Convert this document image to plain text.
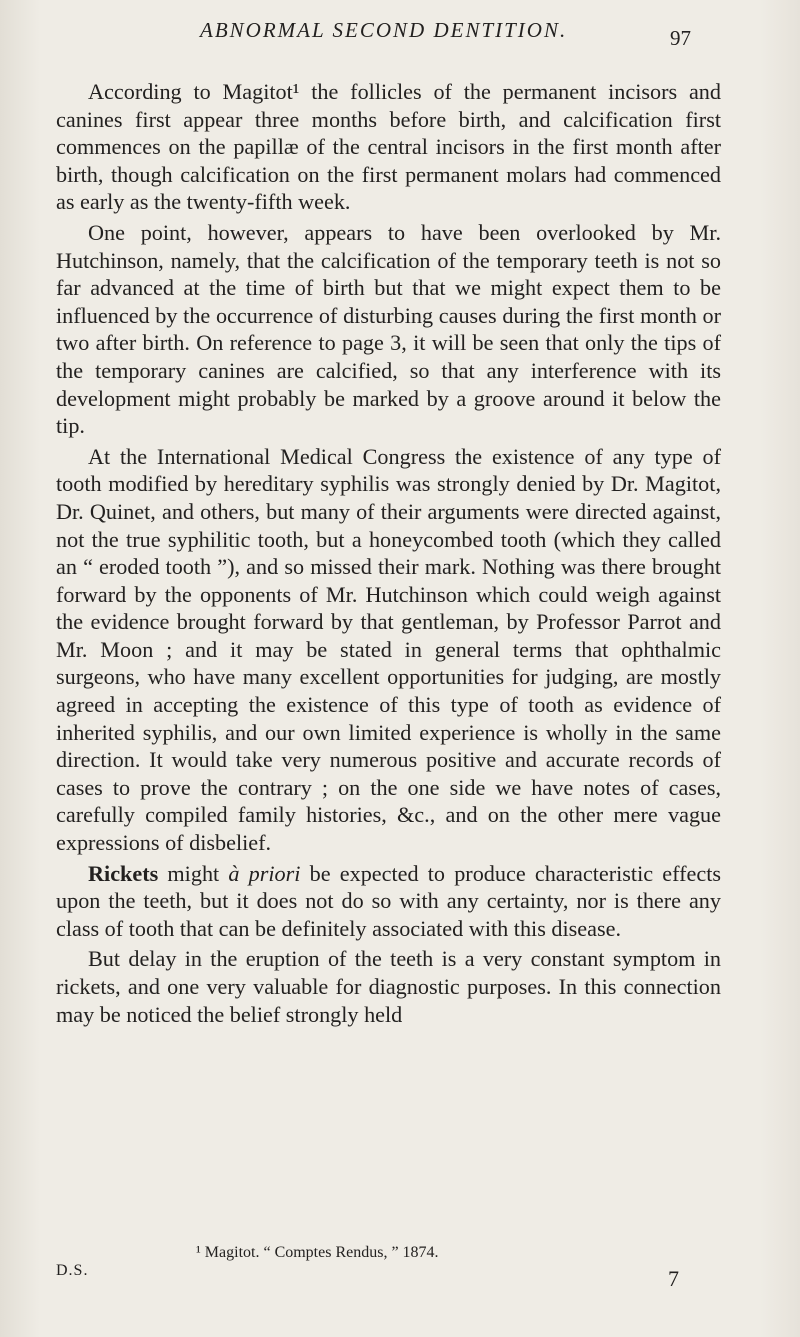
ABNORMAL SECOND DENTITION.	97

According to Magitot¹ the follicles of the permanent incisors and canines first appear three months before birth, and calcification first commences on the papillæ of the central incisors in the first month after birth, though calcification on the first permanent molars had commenced as early as the twenty-fifth week.

One point, however, appears to have been overlooked by Mr. Hutchinson, namely, that the calcification of the temporary teeth is not so far advanced at the time of birth but that we might expect them to be influenced by the occurrence of disturbing causes during the first month or two after birth. On reference to page 3, it will be seen that only the tips of the temporary canines are calcified, so that any interference with its development might probably be marked by a groove around it below the tip.

At the International Medical Congress the existence of any type of tooth modified by hereditary syphilis was strongly denied by Dr. Magitot, Dr. Quinet, and others, but many of their arguments were directed against, not the true syphilitic tooth, but a honeycombed tooth (which they called an “ eroded tooth ”), and so missed their mark. Nothing was there brought forward by the opponents of Mr. Hutchinson which could weigh against the evidence brought forward by that gentleman, by Professor Parrot and Mr. Moon ; and it may be stated in general terms that ophthalmic surgeons, who have many excellent opportunities for judging, are mostly agreed in accepting the existence of this type of tooth as evidence of inherited syphilis, and our own limited experience is wholly in the same direction. It would take very numerous positive and accurate records of cases to prove the contrary ; on the one side we have notes of cases, carefully compiled family histories, &c., and on the other mere vague expressions of disbelief.

Rickets might à priori be expected to produce characteristic effects upon the teeth, but it does not do so with any certainty, nor is there any class of tooth that can be definitely associated with this disease.

But delay in the eruption of the teeth is a very constant symptom in rickets, and one very valuable for diagnostic purposes. In this connection may be noticed the belief strongly held

¹ Magitot. “ Comptes Rendus, ” 1874.
D.S.	7
